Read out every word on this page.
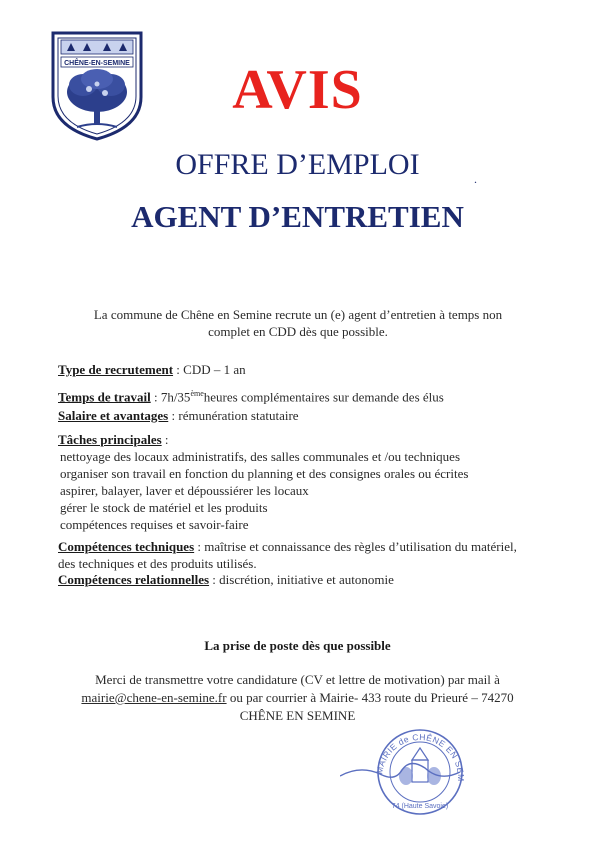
CHÊNE-EN-SEMINE	AVIS
OFFRE D’EMPLOI	.
AGENT D’ENTRETIEN
La commune de Chêne en Semine recrute un (e) agent d’entretien à temps non
complet en CDD dès que possible.
Type de recrutement : CDD – 1 an
Temps de travail : 7h/35èmeheures complémentaires sur demande des élus
Salaire et avantages : rémunération statutaire
Tâches principales :
nettoyage des locaux administratifs, des salles communales et /ou techniques
organiser son travail en fonction du planning et des consignes orales ou écrites
aspirer, balayer, laver et dépoussiérer les locaux
gérer le stock de matériel et les produits
compétences requises et savoir-faire
Compétences techniques : maîtrise et connaissance des règles d’utilisation du matériel,
des techniques et des produits utilisés.
Compétences relationnelles : discrétion, initiative et autonomie
La prise de poste dès que possible
Merci de transmettre votre candidature (CV et lettre de motivation) par mail à
mairie@chene-en-semine.fr ou par courrier à Mairie- 433 route du Prieuré – 74270
CHÊNE EN SEMINE
MAIRIE de CHÊNE EN SEM
74 (Haute Savoie)
